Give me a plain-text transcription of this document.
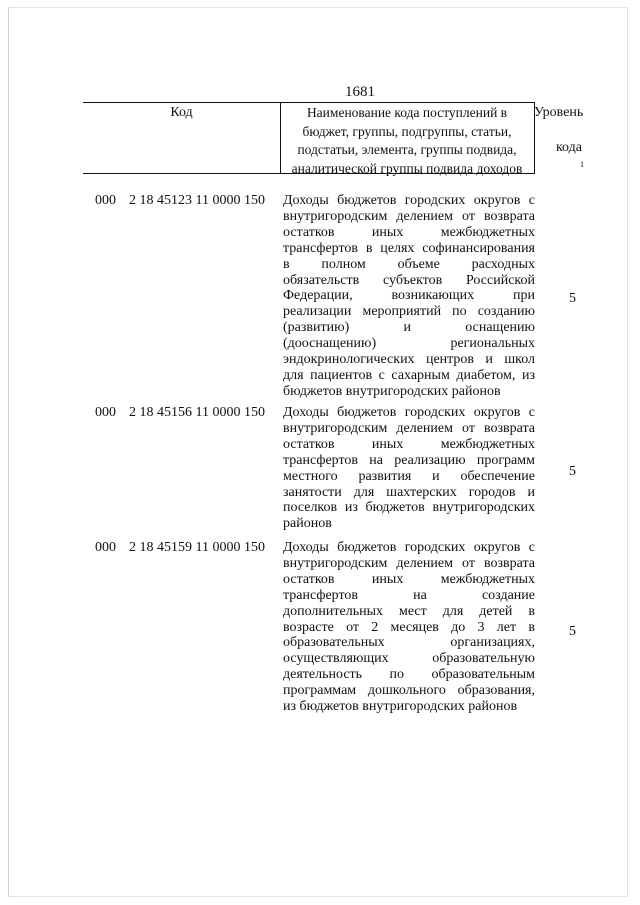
1681
Код	Наименование кода поступлений в
бюджет, группы, подгруппы, статьи,
подстатьи, элемента, группы подвида,
аналитической группы подвида доходов
Уровень

кода
$^1$
000 2 18 45123 11 0000 150 Доходы бюджетов городских округов с
внутригородским делением от возврата
остатков иных межбюджетных
трансфертов в целях софинансирования
в полном объеме расходных
обязательств субъектов Российской
Федерации, возникающих при
реализации мероприятий по созданию
(развитию) и оснащению
(дооснащению) региональных
эндокринологических центров и школ
для пациентов с сахарным диабетом, из
бюджетов внутригородских районов
5
000 2 18 45156 11 0000 150 Доходы бюджетов городских округов с
внутригородским делением от возврата
остатков иных межбюджетных
трансфертов на реализацию программ
местного развития и обеспечение
занятости для шахтерских городов и
поселков из бюджетов внутригородских
районов
5
000 2 18 45159 11 0000 150 Доходы бюджетов городских округов с
внутригородским делением от возврата
остатков иных межбюджетных
трансфертов на создание
дополнительных мест для детей в
возрасте от 2 месяцев до 3 лет в
образовательных организациях,
осуществляющих образовательную
деятельность по образовательным
программам дошкольного образования,
из бюджетов внутригородских районов
5
